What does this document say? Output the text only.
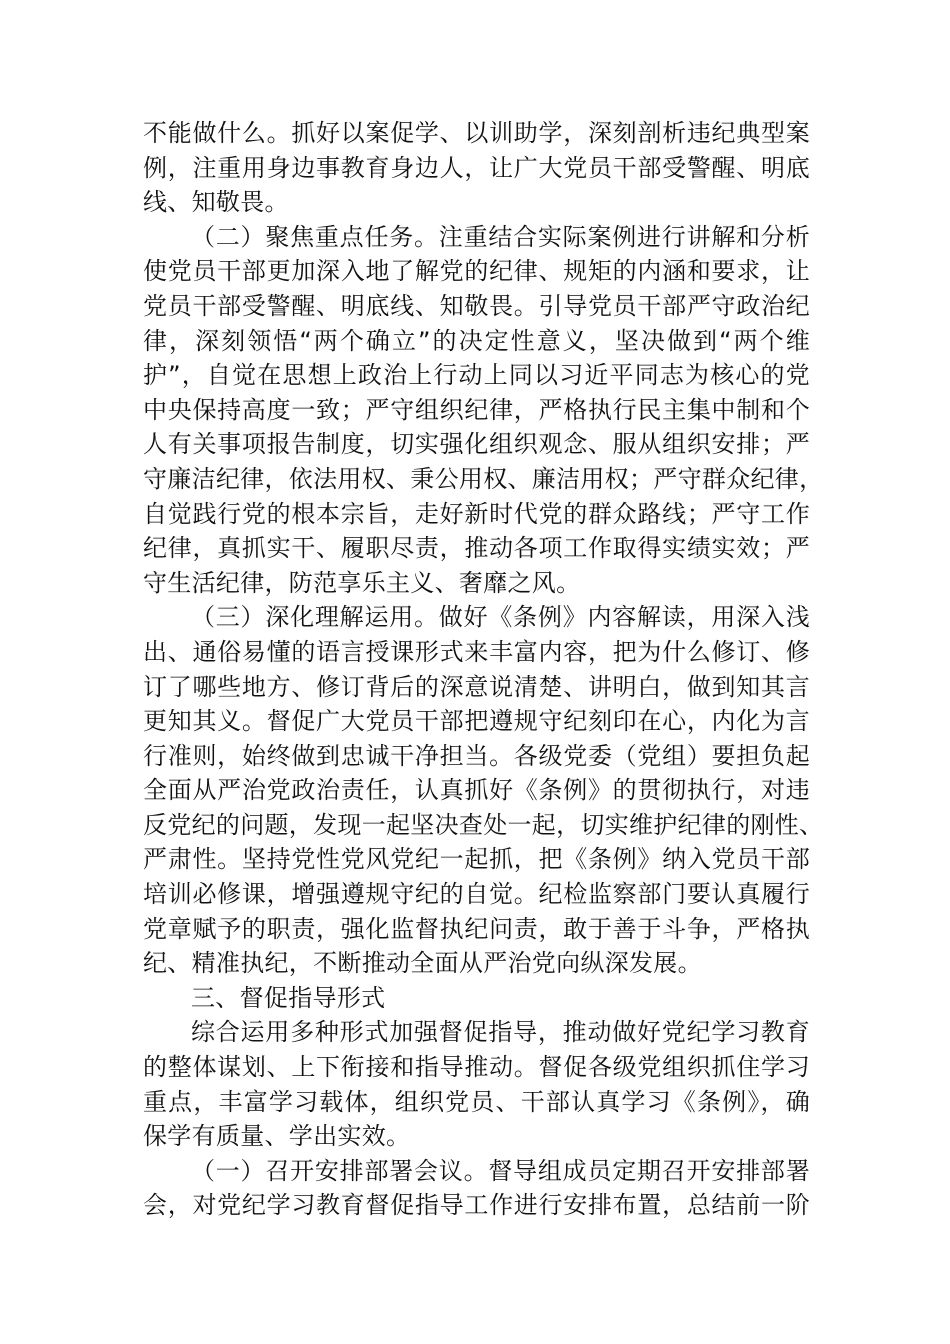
不能做什么。抓好以案促学、以训助学，深刻剖析违纪典型案
例，注重用身边事教育身边人，让广大党员干部受警醒、明底
线、知敬畏。
（二）聚焦重点任务。注重结合实际案例进行讲解和分析
使党员干部更加深入地了解党的纪律、规矩的内涵和要求，让
党员干部受警醒、明底线、知敬畏。引导党员干部严守政治纪
律，深刻领悟“两个确立”的决定性意义，坚决做到“两个维
护”，自觉在思想上政治上行动上同以习近平同志为核心的党
中央保持高度一致；严守组织纪律，严格执行民主集中制和个
人有关事项报告制度，切实强化组织观念、服从组织安排；严
守廉洁纪律，依法用权、秉公用权、廉洁用权；严守群众纪律，
自觉践行党的根本宗旨，走好新时代党的群众路线；严守工作
纪律，真抓实干、履职尽责，推动各项工作取得实绩实效；严
守生活纪律，防范享乐主义、奢靡之风。
（三）深化理解运用。做好《条例》内容解读，用深入浅
出、通俗易懂的语言授课形式来丰富内容，把为什么修订、修
订了哪些地方、修订背后的深意说清楚、讲明白，做到知其言
更知其义。督促广大党员干部把遵规守纪刻印在心，内化为言
行准则，始终做到忠诚干净担当。各级党委（党组）要担负起
全面从严治党政治责任，认真抓好《条例》的贯彻执行，对违
反党纪的问题，发现一起坚决查处一起，切实维护纪律的刚性、
严肃性。坚持党性党风党纪一起抓，把《条例》纳入党员干部
培训必修课，增强遵规守纪的自觉。纪检监察部门要认真履行
党章赋予的职责，强化监督执纪问责，敢于善于斗争，严格执
纪、精准执纪，不断推动全面从严治党向纵深发展。
三、督促指导形式
综合运用多种形式加强督促指导，推动做好党纪学习教育
的整体谋划、上下衔接和指导推动。督促各级党组织抓住学习
重点，丰富学习载体，组织党员、干部认真学习《条例》，确
保学有质量、学出实效。
（一）召开安排部署会议。督导组成员定期召开安排部署
会，对党纪学习教育督促指导工作进行安排布置，总结前一阶
